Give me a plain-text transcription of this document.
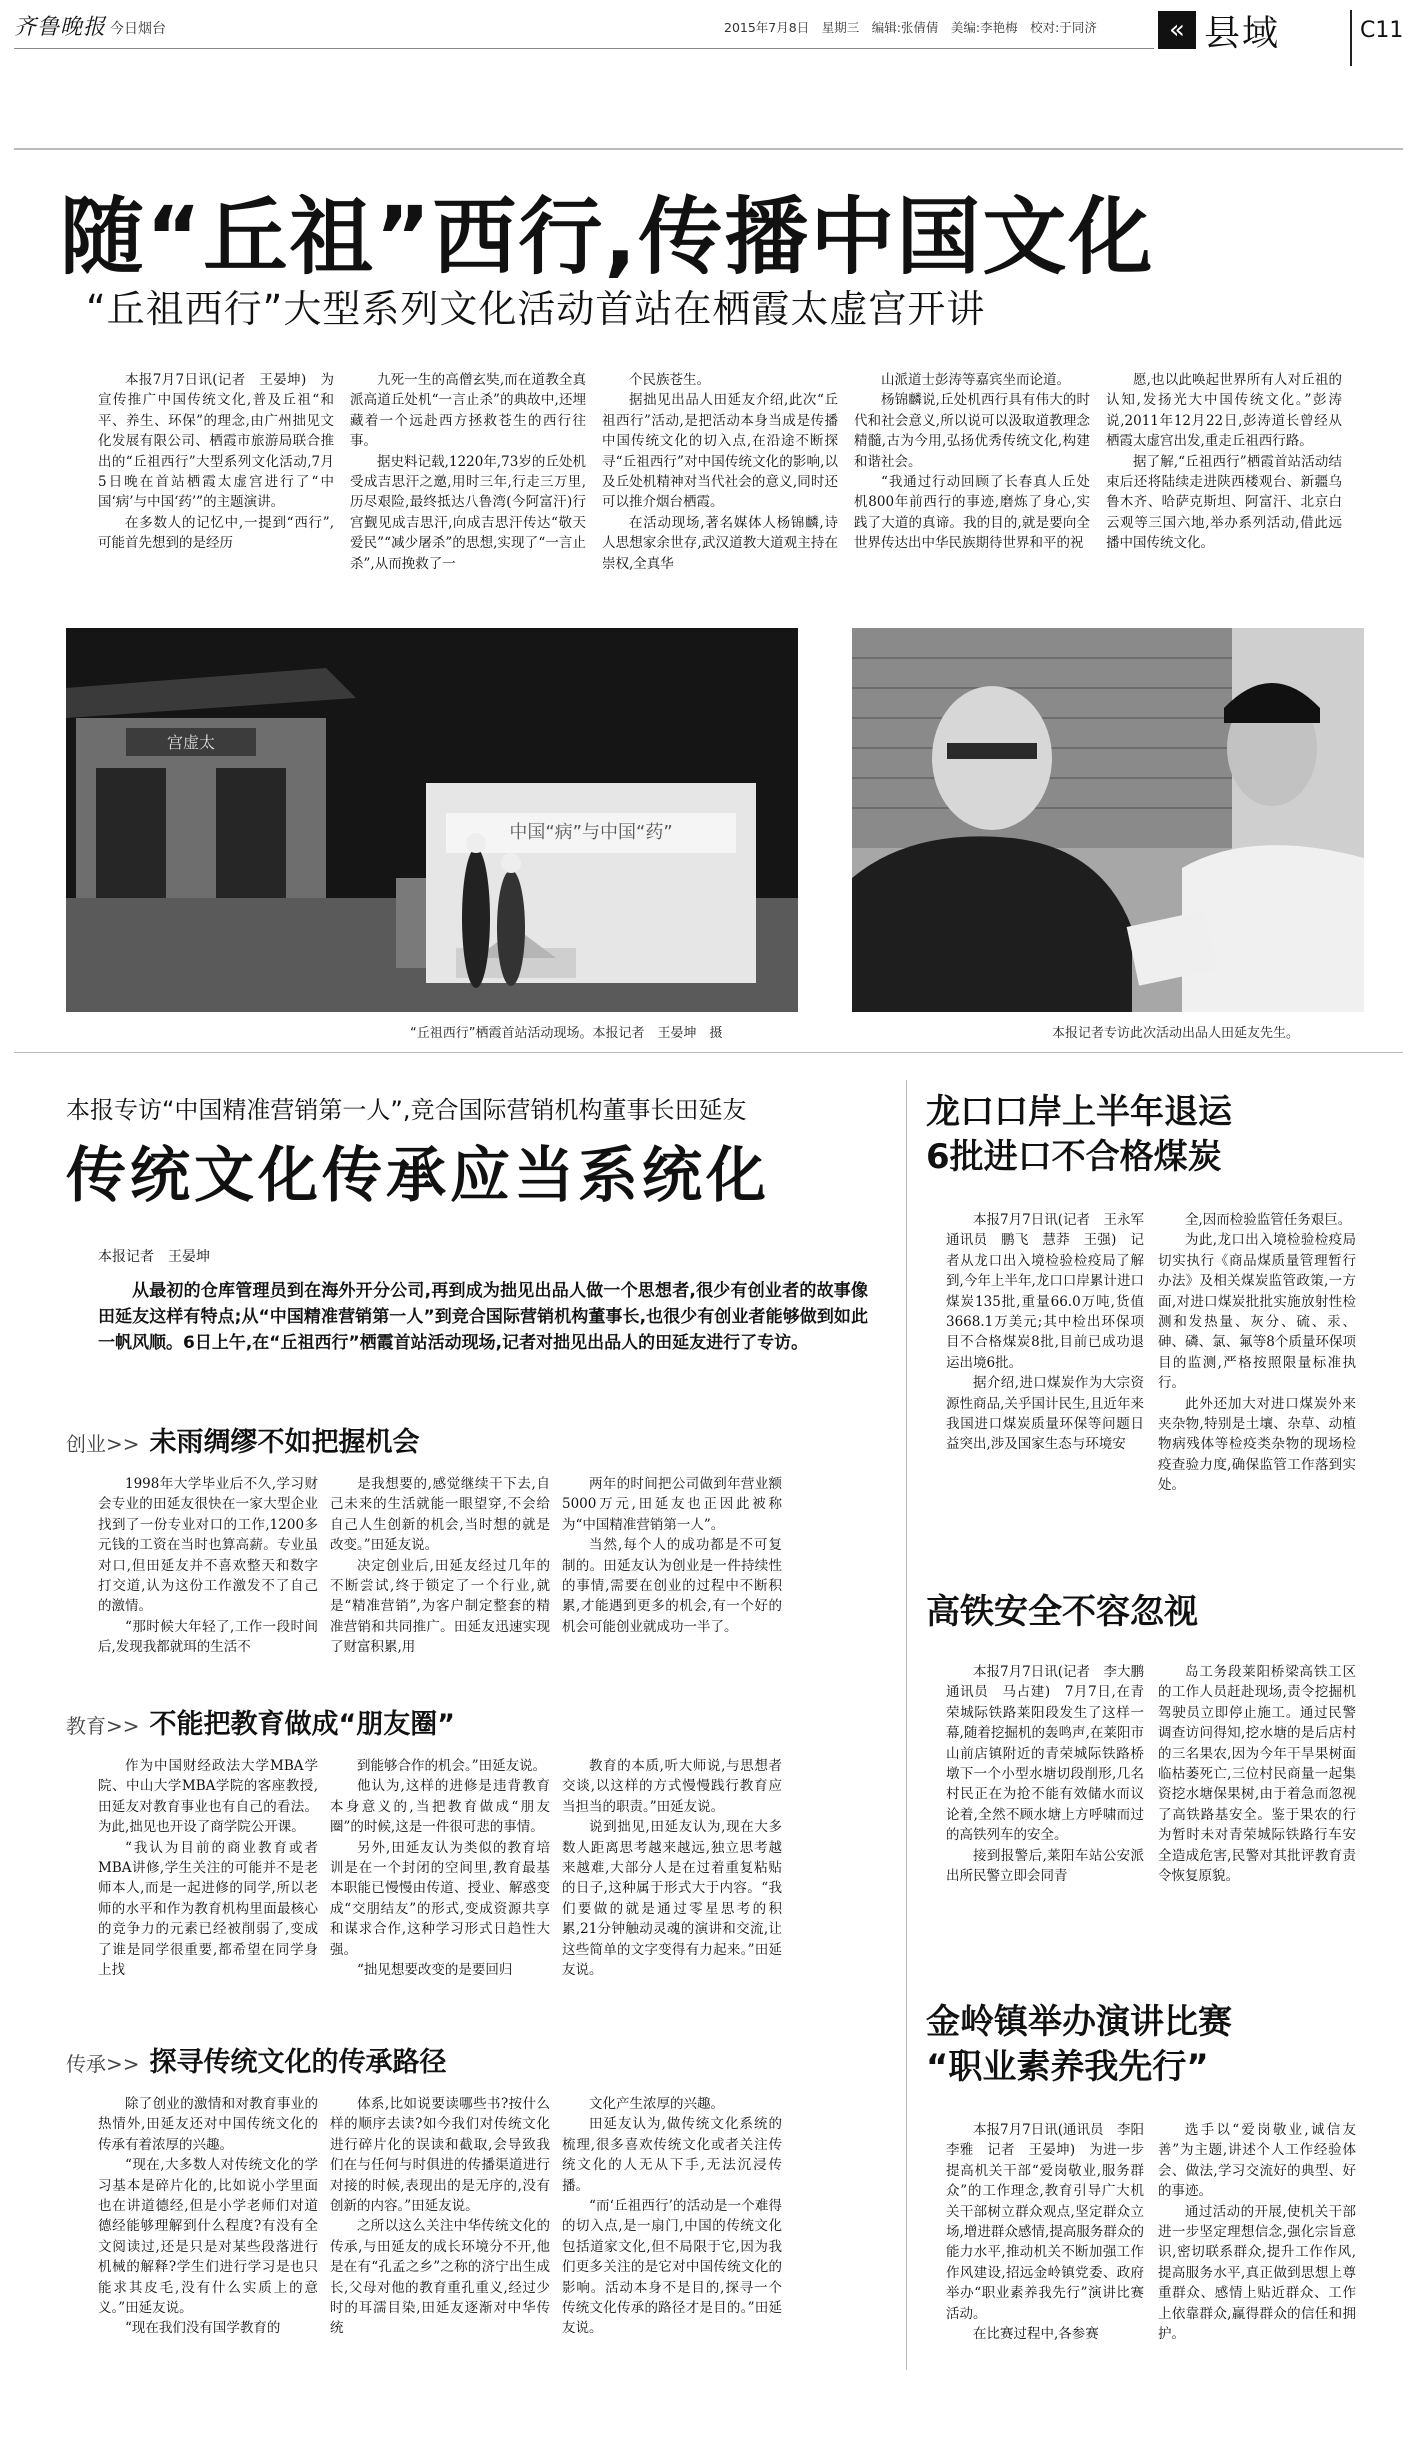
齐鲁晚报 今日烟台	2015年7月8日　星期三　编辑:张倩倩　美编:李艳梅　校对:于同济	« 县域	C11
随“丘祖”西行,传播中国文化
“丘祖西行”大型系列文化活动首站在栖霞太虚宫开讲

本报7月7日讯(记者　王晏坤)　为宣传推广中国传统文化,普及丘祖“和平、养生、环保”的理念,由广州拙见文化发展有限公司、栖霞市旅游局联合推出的“丘祖西行”大型系列文化活动,7月5日晚在首站栖霞太虚宫进行了“中国‘病’与中国‘药’”的主题演讲。

在多数人的记忆中,一提到“西行”,可能首先想到的是经历

九死一生的高僧玄奘,而在道教全真派高道丘处机“一言止杀”的典故中,还埋藏着一个远赴西方拯救苍生的西行往事。

据史料记载,1220年,73岁的丘处机受成吉思汗之邀,用时三年,行走三万里,历尽艰险,最终抵达八鲁湾(今阿富汗)行宫觐见成吉思汗,向成吉思汗传达“敬天爱民”“减少屠杀”的思想,实现了“一言止杀”,从而挽救了一

个民族苍生。

据拙见出品人田延友介绍,此次“丘祖西行”活动,是把活动本身当成是传播中国传统文化的切入点,在沿途不断探寻“丘祖西行”对中国传统文化的影响,以及丘处机精神对当代社会的意义,同时还可以推介烟台栖霞。

在活动现场,著名媒体人杨锦麟,诗人思想家余世存,武汉道教大道观主持在崇权,全真华

山派道士彭涛等嘉宾坐而论道。

杨锦麟说,丘处机西行具有伟大的时代和社会意义,所以说可以汲取道教理念精髓,古为今用,弘扬优秀传统文化,构建和谐社会。

“我通过行动回顾了长春真人丘处机800年前西行的事迹,磨炼了身心,实践了大道的真谛。我的目的,就是要向全世界传达出中华民族期待世界和平的祝

愿,也以此唤起世界所有人对丘祖的认知,发扬光大中国传统文化。”彭涛说,2011年12月22日,彭涛道长曾经从栖霞太虚宫出发,重走丘祖西行路。

据了解,“丘祖西行”栖霞首站活动结束后还将陆续走进陕西楼观台、新疆乌鲁木齐、哈萨克斯坦、阿富汗、北京白云观等三国六地,举办系列活动,借此远播中国传统文化。

宫虚太
中国“病”与中国“药”
“丘祖西行”栖霞首站活动现场。本报记者　王晏坤　摄	本报记者专访此次活动出品人田延友先生。
本报专访“中国精准营销第一人”,竞合国际营销机构董事长田延友
传统文化传承应当系统化
本报记者　王晏坤
从最初的仓库管理员到在海外开分公司,再到成为拙见出品人做一个思想者,很少有创业者的故事像田延友这样有特点;从“中国精准营销第一人”到竞合国际营销机构董事长,也很少有创业者能够做到如此一帆风顺。6日上午,在“丘祖西行”栖霞首站活动现场,记者对拙见出品人的田延友进行了专访。
创业>> 未雨绸缪不如把握机会

1998年大学毕业后不久,学习财会专业的田延友很快在一家大型企业找到了一份专业对口的工作,1200多元钱的工资在当时也算高薪。专业虽对口,但田延友并不喜欢整天和数字打交道,认为这份工作激发不了自己的激情。

“那时候大年轻了,工作一段时间后,发现我都就珥的生活不

是我想要的,感觉继续干下去,自己未来的生活就能一眼望穿,不会给自己人生创新的机会,当时想的就是改变。”田延友说。

决定创业后,田延友经过几年的不断尝试,终于锁定了一个行业,就是“精准营销”,为客户制定整套的精准营销和共同推广。田延友迅速实现了财富积累,用

两年的时间把公司做到年营业额5000万元,田延友也正因此被称为“中国精准营销第一人”。

当然,每个人的成功都是不可复制的。田延友认为创业是一件持续性的事情,需要在创业的过程中不断积累,才能遇到更多的机会,有一个好的机会可能创业就成功一半了。

教育>> 不能把教育做成“朋友圈”

作为中国财经政法大学MBA学院、中山大学MBA学院的客座教授,田延友对教育事业也有自己的看法。为此,拙见也开设了商学院公开课。

“我认为目前的商业教育或者MBA讲修,学生关注的可能并不是老师本人,而是一起进修的同学,所以老师的水平和作为教育机构里面最核心的竞争力的元素已经被削弱了,变成了谁是同学很重要,都希望在同学身上找

到能够合作的机会。”田延友说。

他认为,这样的进修是违背教育本身意义的,当把教育做成“朋友圈”的时候,这是一件很可悲的事情。

另外,田延友认为类似的教育培训是在一个封闭的空间里,教育最基本职能已慢慢由传道、授业、解惑变成“交朋结友”的形式,变成资源共享和谋求合作,这种学习形式日趋性大强。

“拙见想要改变的是要回归

教育的本质,听大师说,与思想者交谈,以这样的方式慢慢践行教育应当担当的职责。”田延友说。

说到拙见,田延友认为,现在大多数人距离思考越来越远,独立思考越来越难,大部分人是在过着重复粘贴的日子,这种属于形式大于内容。“我们要做的就是通过零星思考的积累,21分钟触动灵魂的演讲和交流,让这些简单的文字变得有力起来。”田延友说。

传承>> 探寻传统文化的传承路径

除了创业的激情和对教育事业的热情外,田延友还对中国传统文化的传承有着浓厚的兴趣。

“现在,大多数人对传统文化的学习基本是碎片化的,比如说小学里面也在讲道德经,但是小学老师们对道德经能够理解到什么程度?有没有全文阅读过,还是只是对某些段落进行机械的解释?学生们进行学习是也只能求其皮毛,没有什么实质上的意义。”田延友说。

“现在我们没有国学教育的

体系,比如说要读哪些书?按什么样的顺序去读?如今我们对传统文化进行碎片化的误读和截取,会导致我们在与任何与时俱进的传播渠道进行对接的时候,表现出的是无序的,没有创新的内容。”田延友说。

之所以这么关注中华传统文化的传承,与田延友的成长环境分不开,他是在有“孔孟之乡”之称的济宁出生成长,父母对他的教育重孔重义,经过少时的耳濡目染,田延友逐渐对中华传统

文化产生浓厚的兴趣。

田延友认为,做传统文化系统的梳理,很多喜欢传统文化或者关注传统文化的人无从下手,无法沉浸传播。

“而‘丘祖西行’的活动是一个难得的切入点,是一扇门,中国的传统文化包括道家文化,但不局限于它,因为我们更多关注的是它对中国传统文化的影响。活动本身不是目的,探寻一个传统文化传承的路径才是目的。”田延友说。

龙口口岸上半年退运
6批进口不合格煤炭

本报7月7日讯(记者　王永军　通讯员　鹏飞　慧莽　王强)　记者从龙口出入境检验检疫局了解到,今年上半年,龙口口岸累计进口煤炭135批,重量66.0万吨,货值3668.1万美元;其中检出环保项目不合格煤炭8批,目前已成功退运出境6批。

据介绍,进口煤炭作为大宗资源性商品,关乎国计民生,且近年来我国进口煤炭质量环保等问题日益突出,涉及国家生态与环境安

全,因而检验监管任务艰巨。

为此,龙口出入境检验检疫局切实执行《商品煤质量管理暂行办法》及相关煤炭监管政策,一方面,对进口煤炭批批实施放射性检测和发热量、灰分、硫、汞、砷、磷、氯、氟等8个质量环保项目的监测,严格按照限量标准执行。

此外还加大对进口煤炭外来夹杂物,特别是土壤、杂草、动植物病残体等检疫类杂物的现场检疫查验力度,确保监管工作落到实处。

高铁安全不容忽视

本报7月7日讯(记者　李大鹏　通讯员　马占建)　7月7日,在青荣城际铁路莱阳段发生了这样一幕,随着挖掘机的轰鸣声,在莱阳市山前店镇附近的青荣城际铁路桥墩下一个小型水塘切段削形,几名村民正在为抢不能有效储水而议论着,全然不顾水塘上方呼啸而过的高铁列车的安全。

接到报警后,莱阳车站公安派出所民警立即会同青

岛工务段莱阳桥梁高铁工区的工作人员赶赴现场,责令挖掘机驾驶员立即停止施工。通过民警调查访问得知,挖水塘的是后店村的三名果农,因为今年干旱果树面临枯萎死亡,三位村民商量一起集资挖水塘保果树,由于着急而忽视了高铁路基安全。鉴于果农的行为暂时未对青荣城际铁路行车安全造成危害,民警对其批评教育责令恢复原貌。

金岭镇举办演讲比赛
“职业素养我先行”

本报7月7日讯(通讯员　李阳　李雅　记者　王晏坤)　为进一步提高机关干部“爱岗敬业,服务群众”的工作理念,教育引导广大机关干部树立群众观点,坚定群众立场,增进群众感情,提高服务群众的能力水平,推动机关不断加强工作作风建设,招远金岭镇党委、政府举办“职业素养我先行”演讲比赛活动。

在比赛过程中,各参赛

选手以“爱岗敬业,诚信友善”为主题,讲述个人工作经验体会、做法,学习交流好的典型、好的事迹。

通过活动的开展,使机关干部进一步坚定理想信念,强化宗旨意识,密切联系群众,提升工作作风,提高服务水平,真正做到思想上尊重群众、感情上贴近群众、工作上依靠群众,赢得群众的信任和拥护。
